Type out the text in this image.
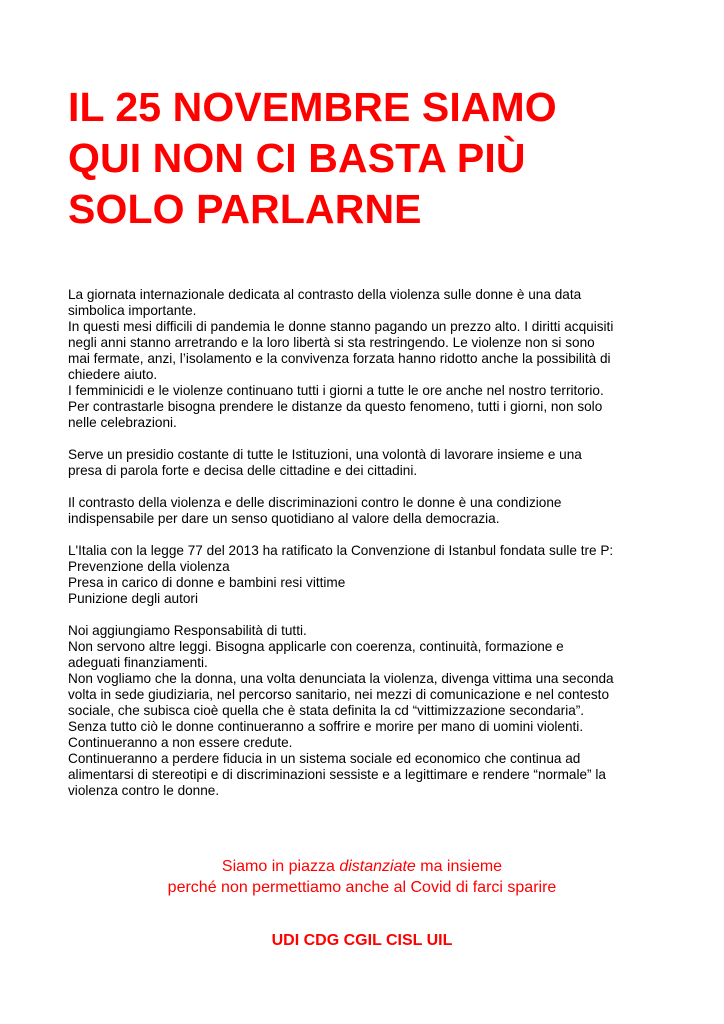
IL 25 NOVEMBRE SIAMO
QUI NON CI BASTA PIÙ
SOLO PARLARNE

La giornata internazionale dedicata al contrasto della violenza sulle donne è una data
simbolica importante.
In questi mesi difficili di pandemia le donne stanno pagando un prezzo alto. I diritti acquisiti
negli anni stanno arretrando e la loro libertà si sta restringendo. Le violenze non si sono
mai fermate, anzi, l’isolamento e la convivenza forzata hanno ridotto anche la possibilità di
chiedere aiuto.
I femminicidi e le violenze continuano tutti i giorni a tutte le ore anche nel nostro territorio.
Per contrastarle bisogna prendere le distanze da questo fenomeno, tutti i giorni, non solo
nelle celebrazioni.

Serve un presidio costante di tutte le Istituzioni, una volontà di lavorare insieme e una
presa di parola forte e decisa delle cittadine e dei cittadini.

Il contrasto della violenza e delle discriminazioni contro le donne è una condizione
indispensabile per dare un senso quotidiano al valore della democrazia.

L'Italia con la legge 77 del 2013 ha ratificato la Convenzione di Istanbul fondata sulle tre P:
Prevenzione della violenza
Presa in carico di donne e bambini resi vittime
Punizione degli autori

Noi aggiungiamo Responsabilità di tutti.
Non servono altre leggi. Bisogna applicarle con coerenza, continuità, formazione e
adeguati finanziamenti.
Non vogliamo che la donna, una volta denunciata la violenza, divenga vittima una seconda
volta in sede giudiziaria, nel percorso sanitario, nei mezzi di comunicazione e nel contesto
sociale, che subisca cioè quella che è stata definita la cd “vittimizzazione secondaria”.
Senza tutto ciò le donne continueranno a soffrire e morire per mano di uomini violenti.
Continueranno a non essere credute.
Continueranno a perdere fiducia in un sistema sociale ed economico che continua ad
alimentarsi di stereotipi e di discriminazioni sessiste e a legittimare e rendere “normale” la
violenza contro le donne.

Siamo in piazza distanziate ma insieme
perché non permettiamo anche al Covid di farci sparire
UDI CDG CGIL CISL UIL
